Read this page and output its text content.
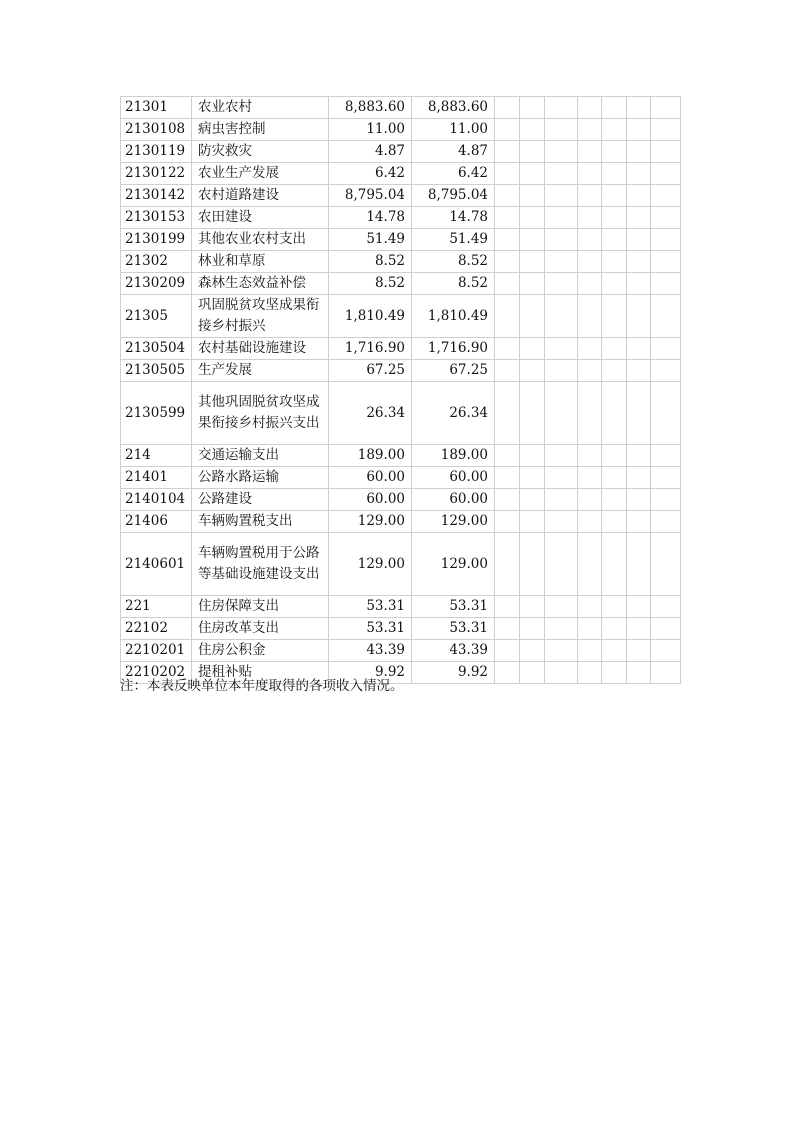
21301	农业农村	8,883.60	8,883.60							
2130108	病虫害控制	11.00	11.00							
2130119	防灾救灾	4.87	4.87							
2130122	农业生产发展	6.42	6.42							
2130142	农村道路建设	8,795.04	8,795.04							
2130153	农田建设	14.78	14.78							
2130199	其他农业农村支出	51.49	51.49							
21302	林业和草原	8.52	8.52							
2130209	森林生态效益补偿	8.52	8.52							
21305	巩固脱贫攻坚成果衔接乡村振兴	1,810.49	1,810.49							
2130504	农村基础设施建设	1,716.90	1,716.90							
2130505	生产发展	67.25	67.25							
2130599	其他巩固脱贫攻坚成果衔接乡村振兴支出	26.34	26.34							
214	交通运输支出	189.00	189.00							
21401	公路水路运输	60.00	60.00							
2140104	公路建设	60.00	60.00							
21406	车辆购置税支出	129.00	129.00							
2140601	车辆购置税用于公路等基础设施建设支出	129.00	129.00							
221	住房保障支出	53.31	53.31							
22102	住房改革支出	53.31	53.31							
2210201	住房公积金	43.39	43.39							
2210202	提租补贴	9.92	9.92							
注：本表反映单位本年度取得的各项收入情况。
